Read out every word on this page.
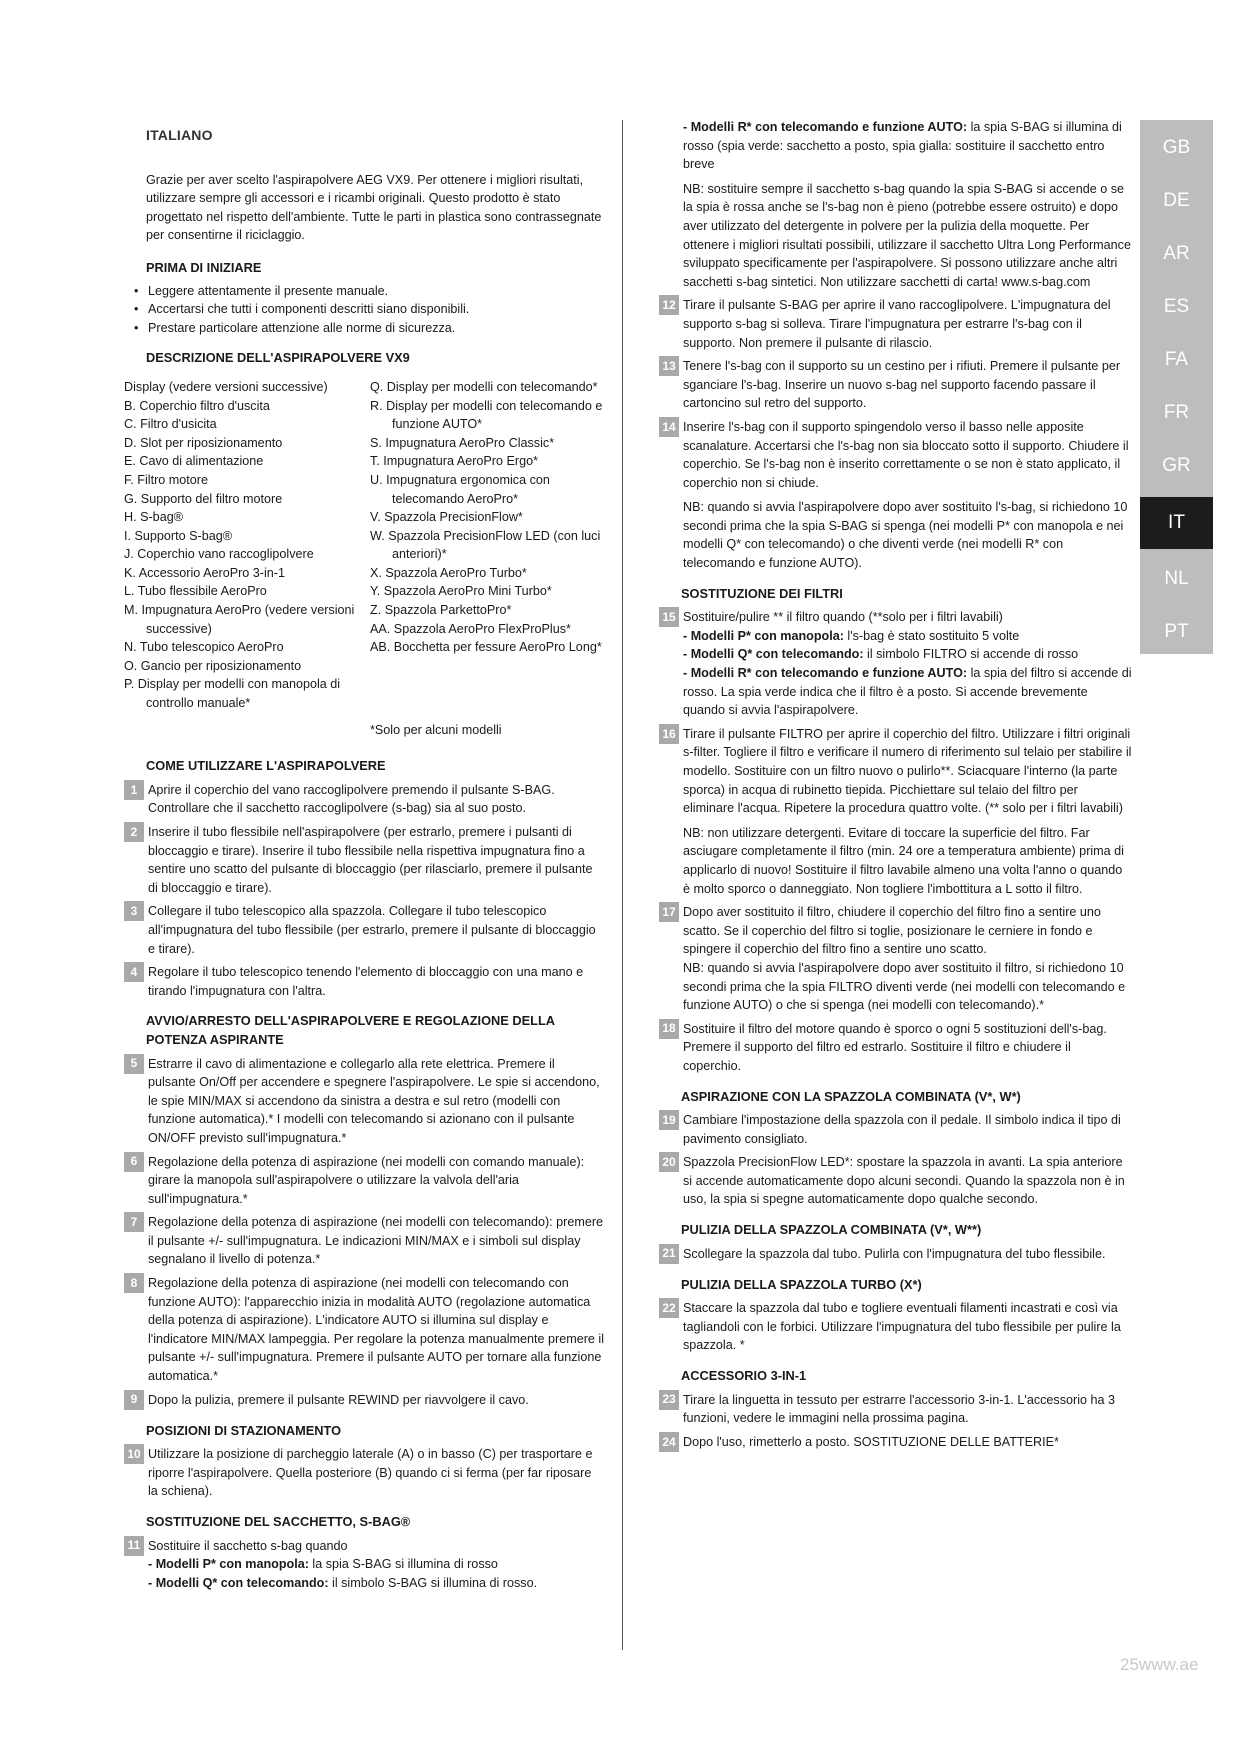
ITALIANO

Grazie per aver scelto l'aspirapolvere AEG VX9. Per ottenere i migliori risultati, utilizzare sempre gli accessori e i ricambi originali. Questo prodotto è stato progettato nel rispetto dell'ambiente. Tutte le parti in plastica sono contrassegnate per consentirne il riciclaggio.

PRIMA DI INIZIARE
• Leggere attentamente il presente manuale.
• Accertarsi che tutti i componenti descritti siano disponibili.
• Prestare particolare attenzione alle norme di sicurezza.
DESCRIZIONE DELL'ASPIRAPOLVERE VX9
Display (vedere versioni successive)
B. Coperchio filtro d'uscita
C. Filtro d'usicita
D. Slot per riposizionamento
E. Cavo di alimentazione
F. Filtro motore
G. Supporto del filtro motore
H. S-bag®
I. Supporto S-bag®
J. Coperchio vano raccoglipolvere
K. Accessorio AeroPro 3-in-1
L. Tubo flessibile AeroPro
M. Impugnatura AeroPro (vedere versioni successive)
N. Tubo telescopico AeroPro
O. Gancio per riposizionamento
P. Display per modelli con manopola di controllo manuale*
Q. Display per modelli con telecomando*
R. Display per modelli con telecomando e funzione AUTO*
S. Impugnatura AeroPro Classic*
T. Impugnatura AeroPro Ergo*
U. Impugnatura ergonomica con telecomando AeroPro*
V. Spazzola PrecisionFlow*
W. Spazzola PrecisionFlow LED (con luci anteriori)*
X. Spazzola AeroPro Turbo*
Y. Spazzola AeroPro Mini Turbo*
Z. Spazzola ParkettoPro*
AA. Spazzola AeroPro FlexProPlus*
AB. Bocchetta per fessure AeroPro Long*
*Solo per alcuni modelli
COME UTILIZZARE L'ASPIRAPOLVERE
1 Aprire il coperchio del vano raccoglipolvere premendo il pulsante S-BAG. Controllare che il sacchetto raccoglipolvere (s-bag) sia al suo posto.
2 Inserire il tubo flessibile nell'aspirapolvere (per estrarlo, premere i pulsanti di bloccaggio e tirare). Inserire il tubo flessibile nella rispettiva impugnatura fino a sentire uno scatto del pulsante di bloccaggio (per rilasciarlo, premere il pulsante di bloccaggio e tirare).
3 Collegare il tubo telescopico alla spazzola. Collegare il tubo telescopico all'impugnatura del tubo flessibile (per estrarlo, premere il pulsante di bloccaggio e tirare).
4 Regolare il tubo telescopico tenendo l'elemento di bloccaggio con una mano e tirando l'impugnatura con l'altra.
AVVIO/ARRESTO DELL'ASPIRAPOLVERE E REGOLAZIONE DELLA POTENZA ASPIRANTE
5 Estrarre il cavo di alimentazione e collegarlo alla rete elettrica. Premere il pulsante On/Off per accendere e spegnere l'aspirapolvere. Le spie si accendono, le spie MIN/MAX si accendono da sinistra a destra e sul retro (modelli con funzione automatica).* I modelli con telecomando si azionano con il pulsante ON/OFF previsto sull'impugnatura.*
6 Regolazione della potenza di aspirazione (nei modelli con comando manuale): girare la manopola sull'aspirapolvere o utilizzare la valvola dell'aria sull'impugnatura.*
7 Regolazione della potenza di aspirazione (nei modelli con telecomando): premere il pulsante +/- sull'impugnatura. Le indicazioni MIN/MAX e i simboli sul display segnalano il livello di potenza.*
8 Regolazione della potenza di aspirazione (nei modelli con telecomando con funzione AUTO): l'apparecchio inizia in modalità AUTO (regolazione automatica della potenza di aspirazione). L'indicatore AUTO si illumina sul display e l'indicatore MIN/MAX lampeggia. Per regolare la potenza manualmente premere il pulsante +/- sull'impugnatura. Premere il pulsante AUTO per tornare alla funzione automatica.*
9 Dopo la pulizia, premere il pulsante REWIND per riavvolgere il cavo.
POSIZIONI DI STAZIONAMENTO
10 Utilizzare la posizione di parcheggio laterale (A) o in basso (C) per trasportare e riporre l'aspirapolvere. Quella posteriore (B) quando ci si ferma (per far riposare la schiena).
SOSTITUZIONE DEL SACCHETTO, S-BAG®
11 Sostituire il sacchetto s-bag quando
- Modelli P* con manopola: la spia S-BAG si illumina di rosso
- Modelli Q* con telecomando: il simbolo S-BAG si illumina di rosso.
- Modelli R* con telecomando e funzione AUTO: la spia S-BAG si illumina di rosso (spia verde: sacchetto a posto, spia gialla: sostituire il sacchetto entro breve
NB: sostituire sempre il sacchetto s-bag quando la spia S-BAG si accende o se la spia è rossa anche se l's-bag non è pieno (potrebbe essere ostruito) e dopo aver utilizzato del detergente in polvere per la pulizia della moquette. Per ottenere i migliori risultati possibili, utilizzare il sacchetto Ultra Long Performance sviluppato specificamente per l'aspirapolvere. Si possono utilizzare anche altri sacchetti s-bag sintetici. Non utilizzare sacchetti di carta! www.s-bag.com
12 Tirare il pulsante S-BAG per aprire il vano raccoglipolvere. L'impugnatura del supporto s-bag si solleva. Tirare l'impugnatura per estrarre l's-bag con il supporto. Non premere il pulsante di rilascio.
13 Tenere l's-bag con il supporto su un cestino per i rifiuti. Premere il pulsante per sganciare l's-bag. Inserire un nuovo s-bag nel supporto facendo passare il cartoncino sul retro del supporto.
14 Inserire l's-bag con il supporto spingendolo verso il basso nelle apposite scanalature. Accertarsi che l's-bag non sia bloccato sotto il supporto. Chiudere il coperchio. Se l's-bag non è inserito correttamente o se non è stato applicato, il coperchio non si chiude.
NB: quando si avvia l'aspirapolvere dopo aver sostituito l's-bag, si richiedono 10 secondi prima che la spia S-BAG si spenga (nei modelli P* con manopola e nei modelli Q* con telecomando) o che diventi verde (nei modelli R* con telecomando e funzione AUTO).
SOSTITUZIONE DEI FILTRI
15 Sostituire/pulire ** il filtro quando (**solo per i filtri lavabili)
- Modelli P* con manopola: l's-bag è stato sostituito 5 volte
- Modelli Q* con telecomando: il simbolo FILTRO si accende di rosso
- Modelli R* con telecomando e funzione AUTO: la spia del filtro si accende di rosso. La spia verde indica che il filtro è a posto. Si accende brevemente quando si avvia l'aspirapolvere.
16 Tirare il pulsante FILTRO per aprire il coperchio del filtro. Utilizzare i filtri originali s-filter. Togliere il filtro e verificare il numero di riferimento sul telaio per stabilire il modello. Sostituire con un filtro nuovo o pulirlo**. Sciacquare l'interno (la parte sporca) in acqua di rubinetto tiepida. Picchiettare sul telaio del filtro per eliminare l'acqua. Ripetere la procedura quattro volte. (** solo per i filtri lavabili)
NB: non utilizzare detergenti. Evitare di toccare la superficie del filtro. Far asciugare completamente il filtro (min. 24 ore a temperatura ambiente) prima di applicarlo di nuovo! Sostituire il filtro lavabile almeno una volta l'anno o quando è molto sporco o danneggiato. Non togliere l'imbottitura a L sotto il filtro.
17 Dopo aver sostituito il filtro, chiudere il coperchio del filtro fino a sentire uno scatto. Se il coperchio del filtro si toglie, posizionare le cerniere in fondo e spingere il coperchio del filtro fino a sentire uno scatto.
NB: quando si avvia l'aspirapolvere dopo aver sostituito il filtro, si richiedono 10 secondi prima che la spia FILTRO diventi verde (nei modelli con telecomando e funzione AUTO) o che si spenga (nei modelli con telecomando).*
18 Sostituire il filtro del motore quando è sporco o ogni 5 sostituzioni dell's-bag. Premere il supporto del filtro ed estrarlo. Sostituire il filtro e chiudere il coperchio.
ASPIRAZIONE CON LA SPAZZOLA COMBINATA (V*, W*)
19 Cambiare l'impostazione della spazzola con il pedale. Il simbolo indica il tipo di pavimento consigliato.
20 Spazzola PrecisionFlow LED*: spostare la spazzola in avanti. La spia anteriore si accende automaticamente dopo alcuni secondi. Quando la spazzola non è in uso, la spia si spegne automaticamente dopo qualche secondo.
PULIZIA DELLA SPAZZOLA COMBINATA (V*, W**)
21 Scollegare la spazzola dal tubo. Pulirla con l'impugnatura del tubo flessibile.
PULIZIA DELLA SPAZZOLA TURBO (X*)
22 Staccare la spazzola dal tubo e togliere eventuali filamenti incastrati e così via tagliandoli con le forbici. Utilizzare l'impugnatura del tubo flessibile per pulire la spazzola. *
ACCESSORIO 3-IN-1
23 Tirare la linguetta in tessuto per estrarre l'accessorio 3-in-1. L'accessorio ha 3 funzioni, vedere le immagini nella prossima pagina.
24 Dopo l'uso, rimetterlo a posto. SOSTITUZIONE DELLE BATTERIE*
GB
DE
AR
ES
FA
FR
GR
IT
NL
PT
25www.ae
